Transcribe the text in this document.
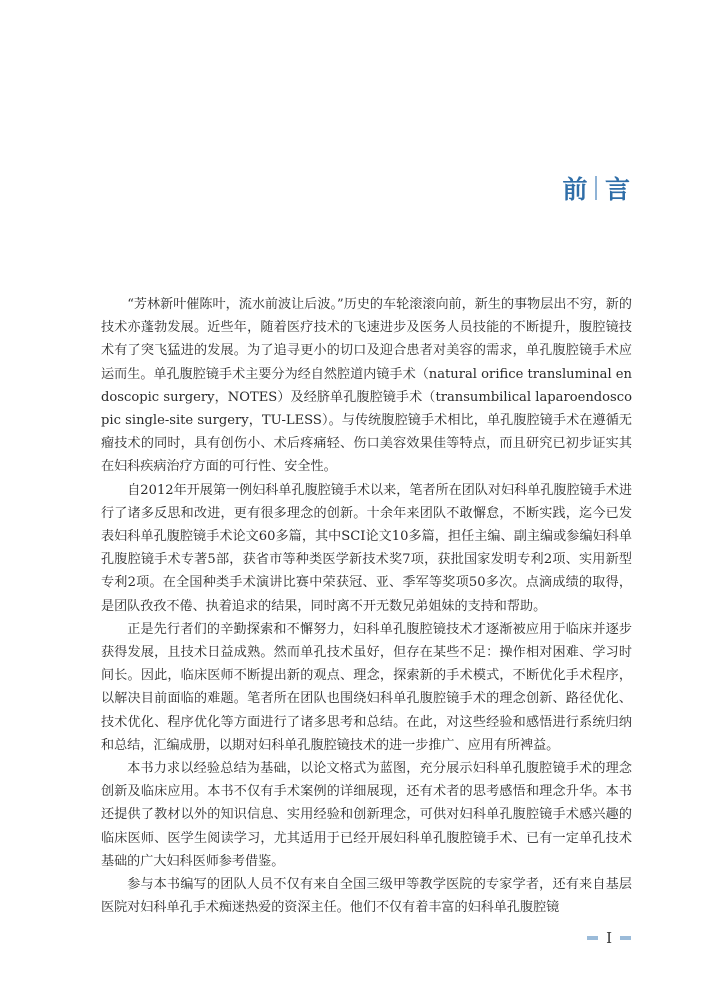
前 言

“芳林新叶催陈叶，流水前波让后波。”历史的车轮滚滚向前，新生的事物层出不穷，新的技术亦蓬勃发展。近些年，随着医疗技术的飞速进步及医务人员技能的不断提升，腹腔镜技术有了突飞猛进的发展。为了追寻更小的切口及迎合患者对美容的需求，单孔腹腔镜手术应运而生。单孔腹腔镜手术主要分为经自然腔道内镜手术（natural orifice transluminal endoscopic surgery，NOTES）及经脐单孔腹腔镜手术（transumbilical laparoendoscopic single-site surgery，TU-LESS）。与传统腹腔镜手术相比，单孔腹腔镜手术在遵循无瘤技术的同时，具有创伤小、术后疼痛轻、伤口美容效果佳等特点，而且研究已初步证实其在妇科疾病治疗方面的可行性、安全性。

自2012年开展第一例妇科单孔腹腔镜手术以来，笔者所在团队对妇科单孔腹腔镜手术进行了诸多反思和改进，更有很多理念的创新。十余年来团队不敢懈怠，不断实践，迄今已发表妇科单孔腹腔镜手术论文60多篇，其中SCI论文10多篇，担任主编、副主编或参编妇科单孔腹腔镜手术专著5部，获省市等种类医学新技术奖7项，获批国家发明专利2项、实用新型专利2项。在全国种类手术演讲比赛中荣获冠、亚、季军等奖项50多次。点滴成绩的取得，是团队孜孜不倦、执着追求的结果，同时离不开无数兄弟姐妹的支持和帮助。

正是先行者们的辛勤探索和不懈努力，妇科单孔腹腔镜技术才逐渐被应用于临床并逐步获得发展，且技术日益成熟。然而单孔技术虽好，但存在某些不足：操作相对困难、学习时间长。因此，临床医师不断提出新的观点、理念，探索新的手术模式，不断优化手术程序，以解决目前面临的难题。笔者所在团队也围绕妇科单孔腹腔镜手术的理念创新、路径优化、技术优化、程序优化等方面进行了诸多思考和总结。在此，对这些经验和感悟进行系统归纳和总结，汇编成册，以期对妇科单孔腹腔镜技术的进一步推广、应用有所裨益。

本书力求以经验总结为基础，以论文格式为蓝图，充分展示妇科单孔腹腔镜手术的理念创新及临床应用。本书不仅有手术案例的详细展现，还有术者的思考感悟和理念升华。本书还提供了教材以外的知识信息、实用经验和创新理念，可供对妇科单孔腹腔镜手术感兴趣的临床医师、医学生阅读学习，尤其适用于已经开展妇科单孔腹腔镜手术、已有一定单孔技术基础的广大妇科医师参考借鉴。

参与本书编写的团队人员不仅有来自全国三级甲等教学医院的专家学者，还有来自基层医院对妇科单孔手术痴迷热爱的资深主任。他们不仅有着丰富的妇科单孔腹腔镜

I
